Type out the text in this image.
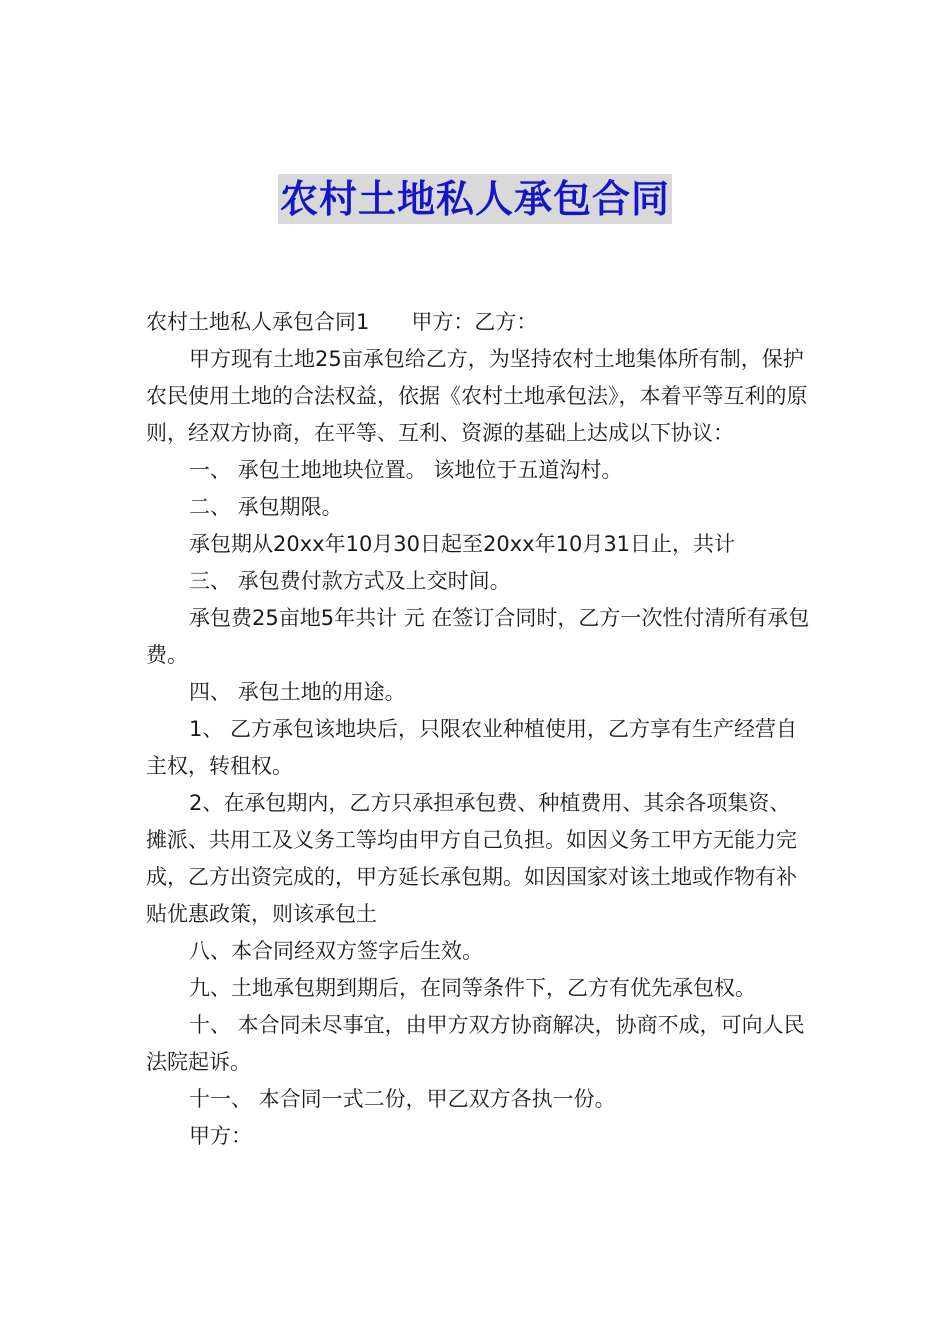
农村土地私人承包合同

农村土地私人承包合同1　　甲方：乙方：

甲方现有土地25亩承包给乙方，为坚持农村土地集体所有制，保护农民使用土地的合法权益，依据《农村土地承包法》，本着平等互利的原则，经双方协商，在平等、互利、资源的基础上达成以下协议：

一、 承包土地地块位置。 该地位于五道沟村。

二、 承包期限。

承包期从20xx年10月30日起至20xx年10月31日止，共计

三、 承包费付款方式及上交时间。

承包费25亩地5年共计 元 在签订合同时，乙方一次性付清所有承包费。

四、 承包土地的用途。

1、 乙方承包该地块后，只限农业种植使用，乙方享有生产经营自主权，转租权。

2、在承包期内，乙方只承担承包费、种植费用、其余各项集资、摊派、共用工及义务工等均由甲方自己负担。如因义务工甲方无能力完成，乙方出资完成的，甲方延长承包期。如因国家对该土地或作物有补贴优惠政策，则该承包土

八、本合同经双方签字后生效。

九、土地承包期到期后，在同等条件下，乙方有优先承包权。

十、 本合同未尽事宜，由甲方双方协商解决，协商不成，可向人民法院起诉。

十一、 本合同一式二份，甲乙双方各执一份。

甲方：
